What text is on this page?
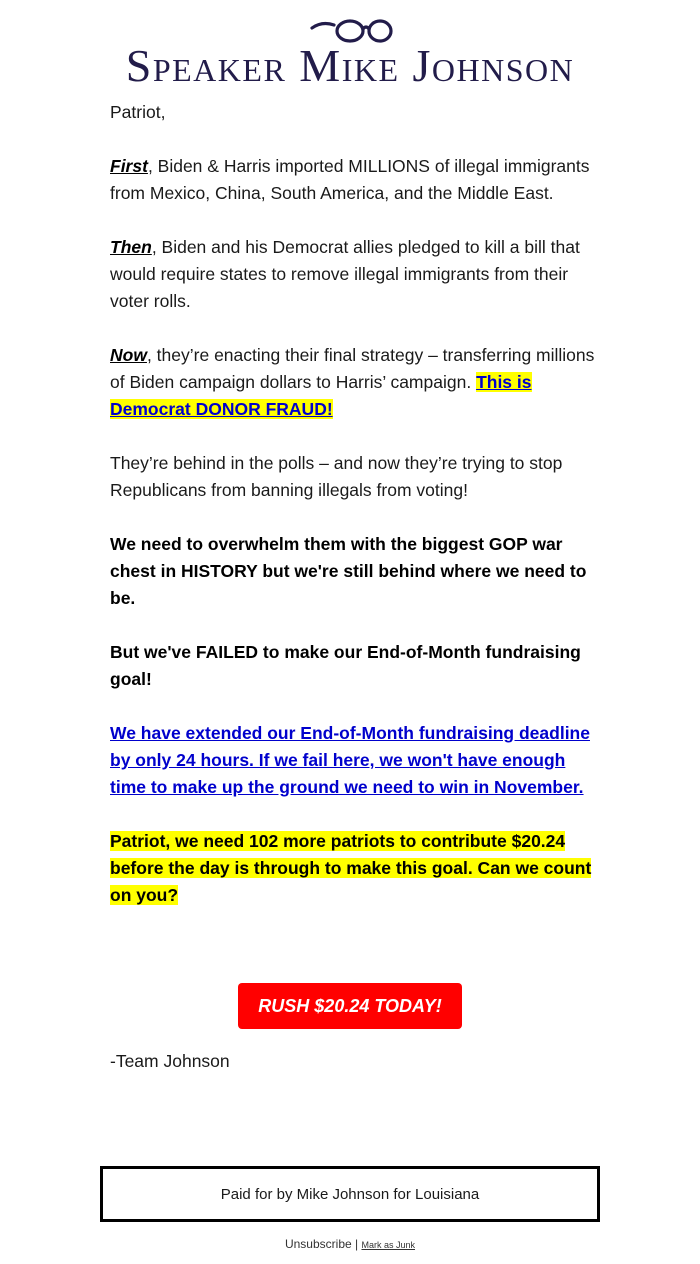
Speaker Mike Johnson

Patriot,

First, Biden & Harris imported MILLIONS of illegal immigrants from Mexico, China, South America, and the Middle East.

Then, Biden and his Democrat allies pledged to kill a bill that would require states to remove illegal immigrants from their voter rolls.

Now, they’re enacting their final strategy – transferring millions of Biden campaign dollars to Harris’ campaign. This is Democrat DONOR FRAUD!

They’re behind in the polls – and now they’re trying to stop Republicans from banning illegals from voting!

We need to overwhelm them with the biggest GOP war chest in HISTORY but we're still behind where we need to be.

But we've FAILED to make our End-of-Month fundraising goal!

We have extended our End-of-Month fundraising deadline by only 24 hours. If we fail here, we won't have enough time to make up the ground we need to win in November.

Patriot, we need 102 more patriots to contribute $20.24 before the day is through to make this goal. Can we count on you?

RUSH $20.24 TODAY!
-Team Johnson
Paid for by Mike Johnson for Louisiana
Unsubscribe | Mark as Junk
